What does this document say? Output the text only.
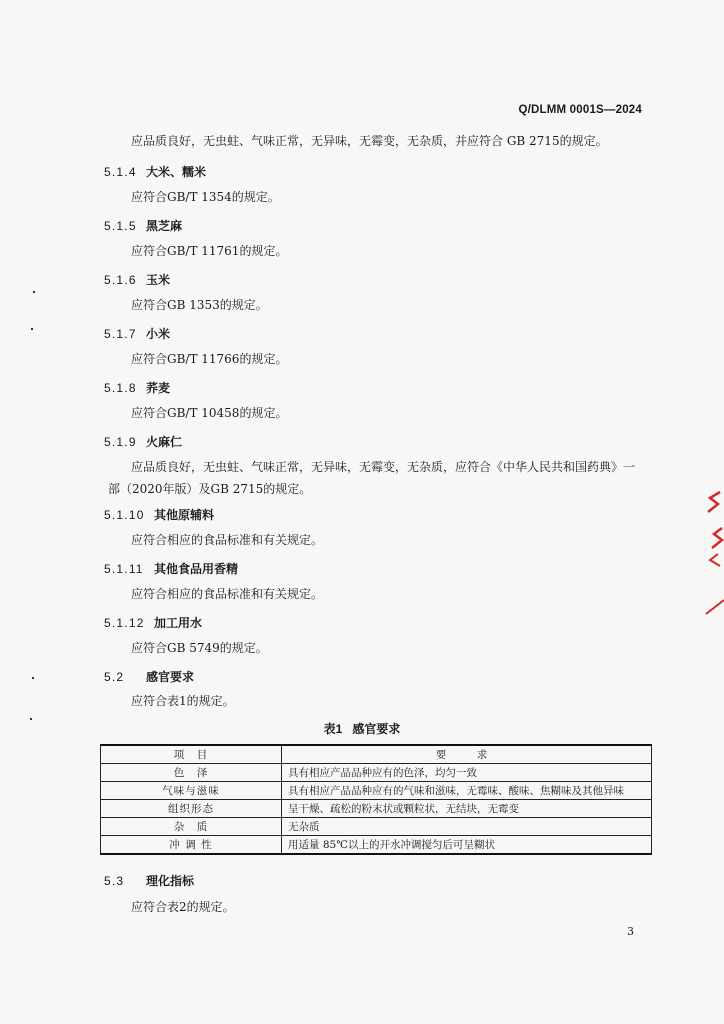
Q/DLMM 0001S—2024
应品质良好，无虫蛀、气味正常，无异味，无霉变，无杂质，并应符合 GB 2715的规定。
5.1.4 大米、糯米
应符合GB/T 1354的规定。
5.1.5 黑芝麻
应符合GB/T 11761的规定。
5.1.6 玉米
应符合GB 1353的规定。
5.1.7 小米
应符合GB/T 11766的规定。
5.1.8 荞麦
应符合GB/T 10458的规定。
5.1.9 火麻仁
应品质良好，无虫蛀、气味正常，无异味，无霉变，无杂质，应符合《中华人民共和国药典》一部（2020年版）及GB 2715的规定。
5.1.10 其他原辅料
应符合相应的食品标准和有关规定。
5.1.11 其他食品用香精
应符合相应的食品标准和有关规定。
5.1.12 加工用水
应符合GB 5749的规定。
5.2 感官要求
应符合表1的规定。
表1 感官要求
项　目	要　求
色　泽	具有相应产品品种应有的色泽，均匀一致
气味与滋味	具有相应产品品种应有的气味和滋味，无霉味、酸味、焦糊味及其他异味
组织形态	呈干燥、疏松的粉末状或颗粒状，无结块，无霉变
杂　质	无杂质
冲 调 性	用适量 85℃以上的开水冲调搅匀后可呈糊状
5.3 理化指标
应符合表2的规定。
3
